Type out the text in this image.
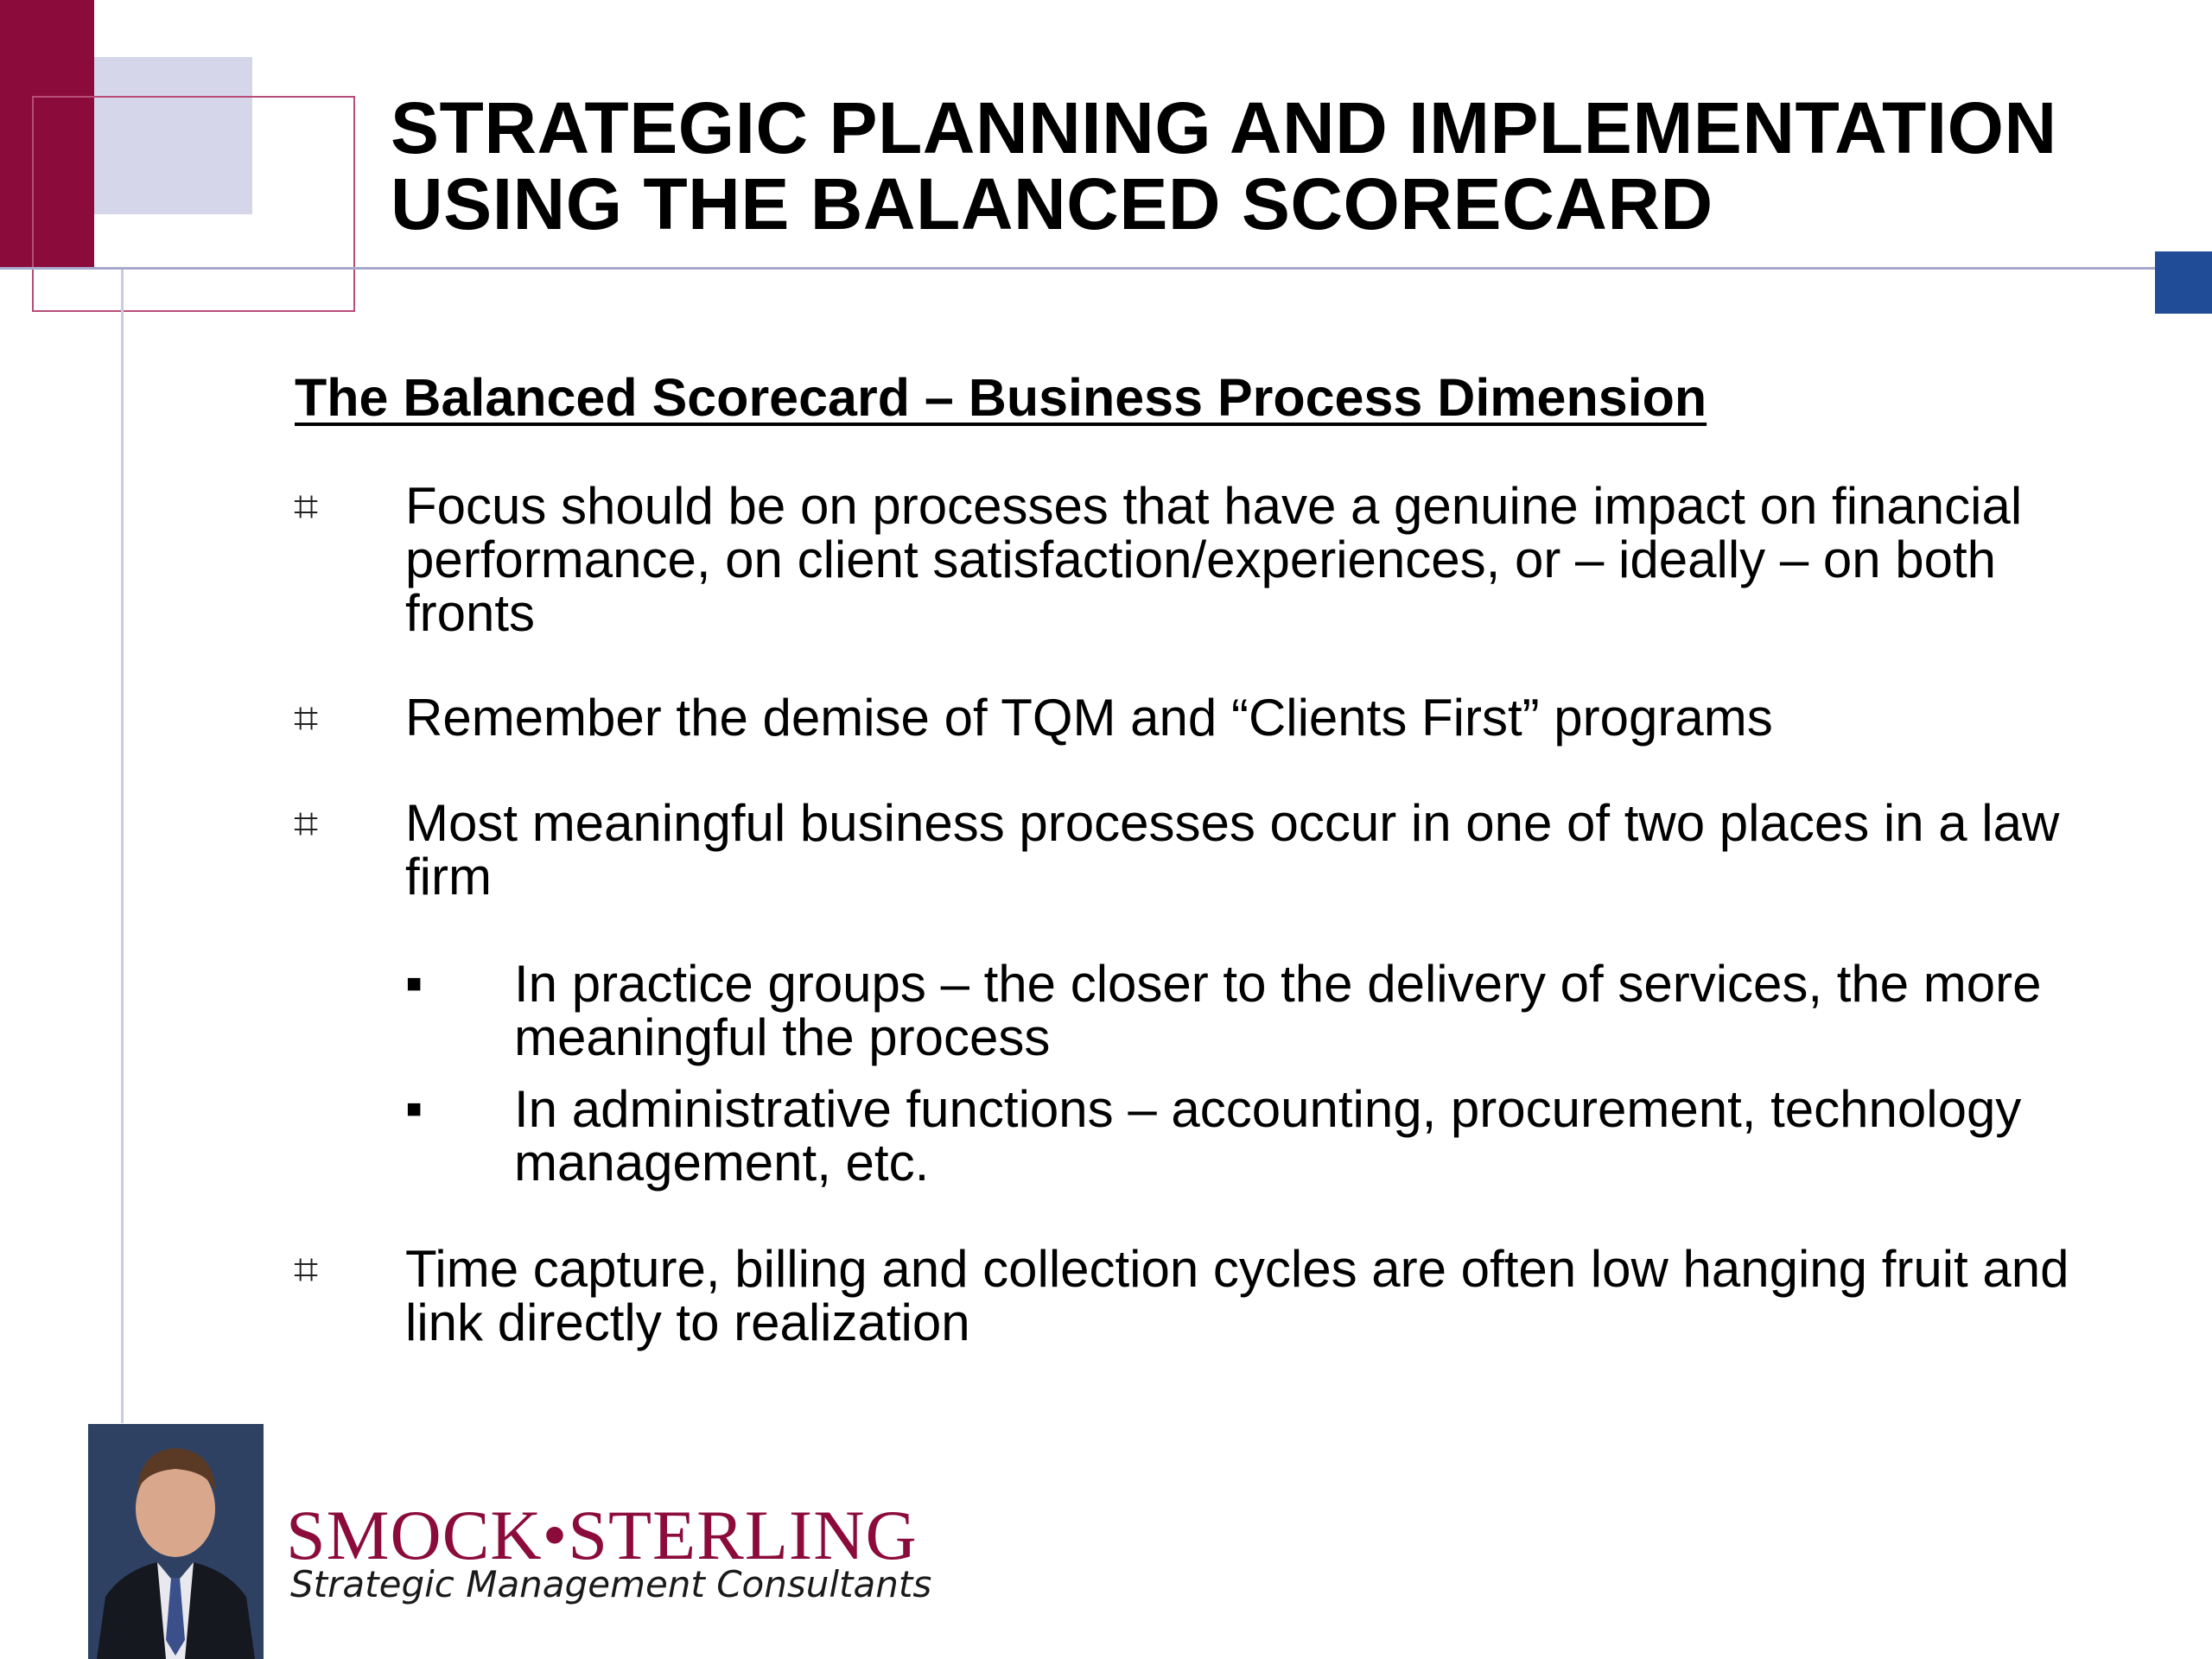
STRATEGIC PLANNING AND IMPLEMENTATION
USING THE BALANCED SCORECARD
The Balanced Scorecard – Business Process Dimension
⌗ Focus should be on processes that have a genuine impact on financial performance, on client satisfaction/experiences, or – ideally – on both fronts
⌗ Remember the demise of TQM and “Clients First” programs
⌗ Most meaningful business processes occur in one of two places in a law firm
■ In practice groups – the closer to the delivery of services, the more meaningful the process
■ In administrative functions – accounting, procurement, technology management, etc.
⌗ Time capture, billing and collection cycles are often low hanging fruit and link directly to realization
SMOCK•STERLING
Strategic Management Consultants
